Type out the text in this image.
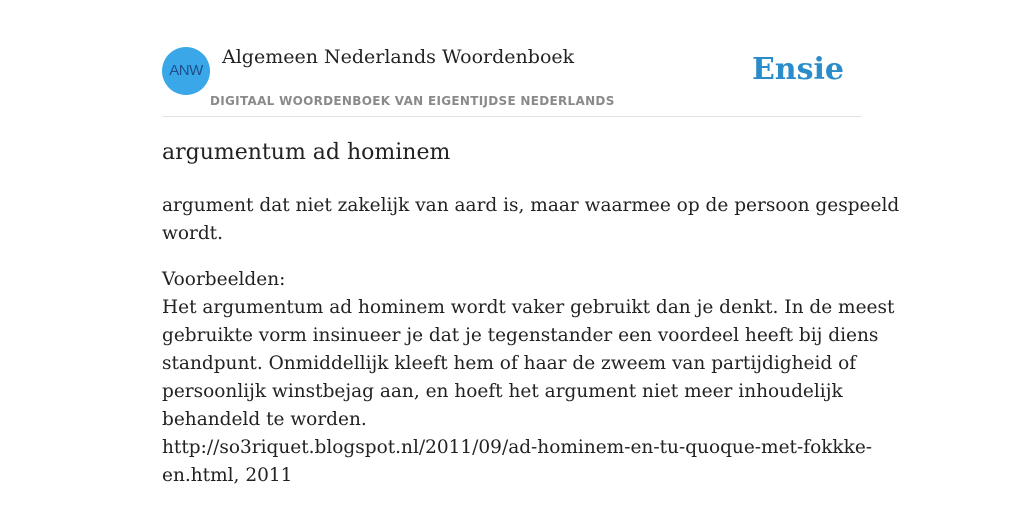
ANW
Algemeen Nederlands Woordenboek
DIGITAAL WOORDENBOEK VAN EIGENTIJDSE NEDERLANDS
Ensie
argumentum ad hominem
argument dat niet zakelijk van aard is, maar waarmee op de persoon gespeeld
wordt.
Voorbeelden:
Het argumentum ad hominem wordt vaker gebruikt dan je denkt. In de meest
gebruikte vorm insinueer je dat je tegenstander een voordeel heeft bij diens
standpunt. Onmiddellijk kleeft hem of haar de zweem van partijdigheid of
persoonlijk winstbejag aan, en hoeft het argument niet meer inhoudelijk
behandeld te worden.
http://so3riquet.blogspot.nl/2011/09/ad-hominem-en-tu-quoque-met-fokkke-
en.html, 2011
